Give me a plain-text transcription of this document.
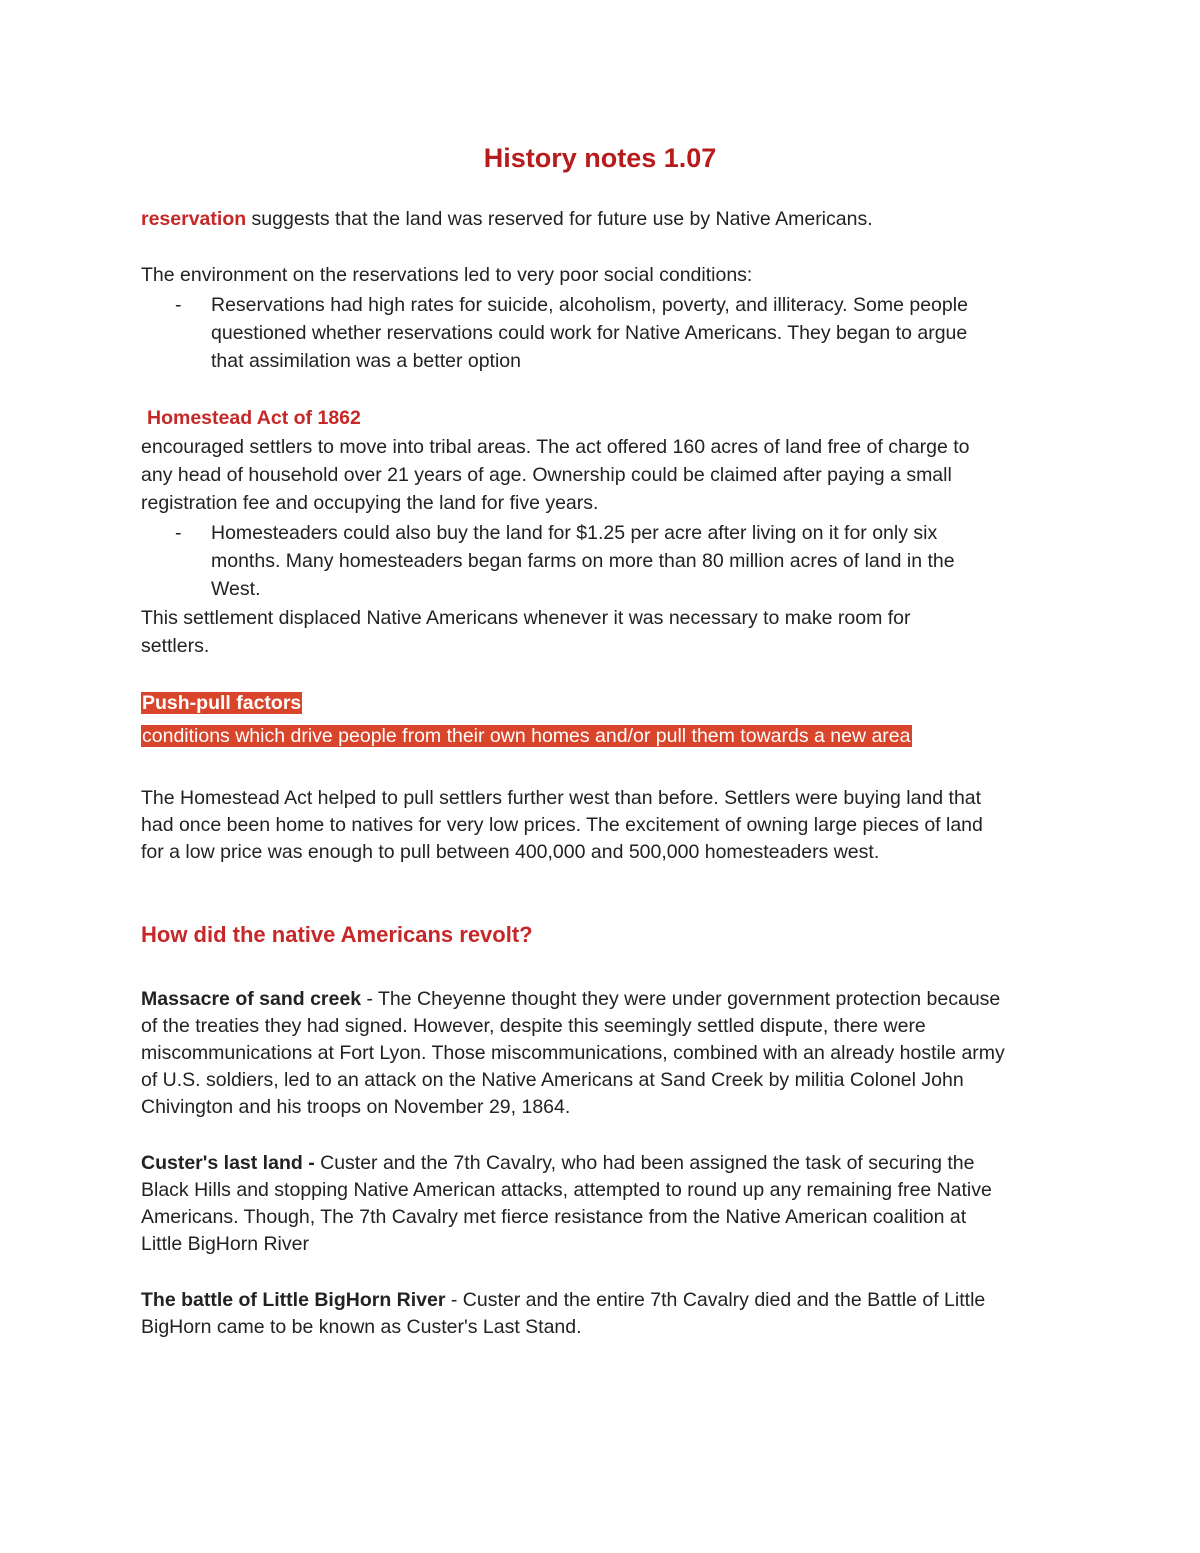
History notes 1.07

reservation suggests that the land was reserved for future use by Native Americans.

The environment on the reservations led to very poor social conditions:

- Reservations had high rates for suicide, alcoholism, poverty, and illiteracy. Some people
questioned whether reservations could work for Native Americans. They began to argue
that assimilation was a better option

Homestead Act of 1862

encouraged settlers to move into tribal areas. The act offered 160 acres of land free of charge to
any head of household over 21 years of age. Ownership could be claimed after paying a small
registration fee and occupying the land for five years.
- Homesteaders could also buy the land for $1.25 per acre after living on it for only six
months. Many homesteaders began farms on more than 80 million acres of land in the
West.
This settlement displaced Native Americans whenever it was necessary to make room for
settlers.

Push-pull factors

conditions which drive people from their own homes and/or pull them towards a new area

The Homestead Act helped to pull settlers further west than before. Settlers were buying land that
had once been home to natives for very low prices. The excitement of owning large pieces of land
for a low price was enough to pull between 400,000 and 500,000 homesteaders west.
How did the native Americans revolt?
Massacre of sand creek - The Cheyenne thought they were under government protection because
of the treaties they had signed. However, despite this seemingly settled dispute, there were
miscommunications at Fort Lyon. Those miscommunications, combined with an already hostile army
of U.S. soldiers, led to an attack on the Native Americans at Sand Creek by militia Colonel John
Chivington and his troops on November 29, 1864.
Custer's last land - Custer and the 7th Cavalry, who had been assigned the task of securing the
Black Hills and stopping Native American attacks, attempted to round up any remaining free Native
Americans. Though, The 7th Cavalry met fierce resistance from the Native American coalition at
Little BigHorn River
The battle of Little BigHorn River - Custer and the entire 7th Cavalry died and the Battle of Little
BigHorn came to be known as Custer's Last Stand.
